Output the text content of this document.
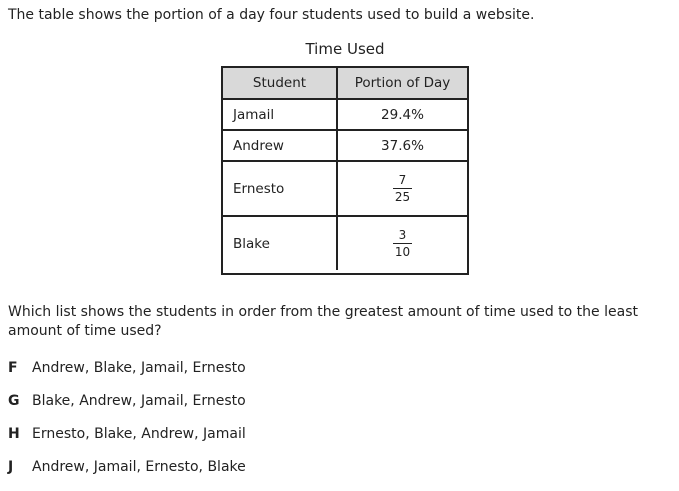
The table shows the portion of a day four students used to build a website.
Time Used
Student	Portion of Day
Jamail	29.4%
Andrew	37.6%
Ernesto	$\frac{7}{25}$

Blake	$\frac{3}{10}$
Which list shows the students in order from the greatest amount of time used to the least amount of time used?
F Andrew, Blake, Jamail, Ernesto
G Blake, Andrew, Jamail, Ernesto
H Ernesto, Blake, Andrew, Jamail
J Andrew, Jamail, Ernesto, Blake
